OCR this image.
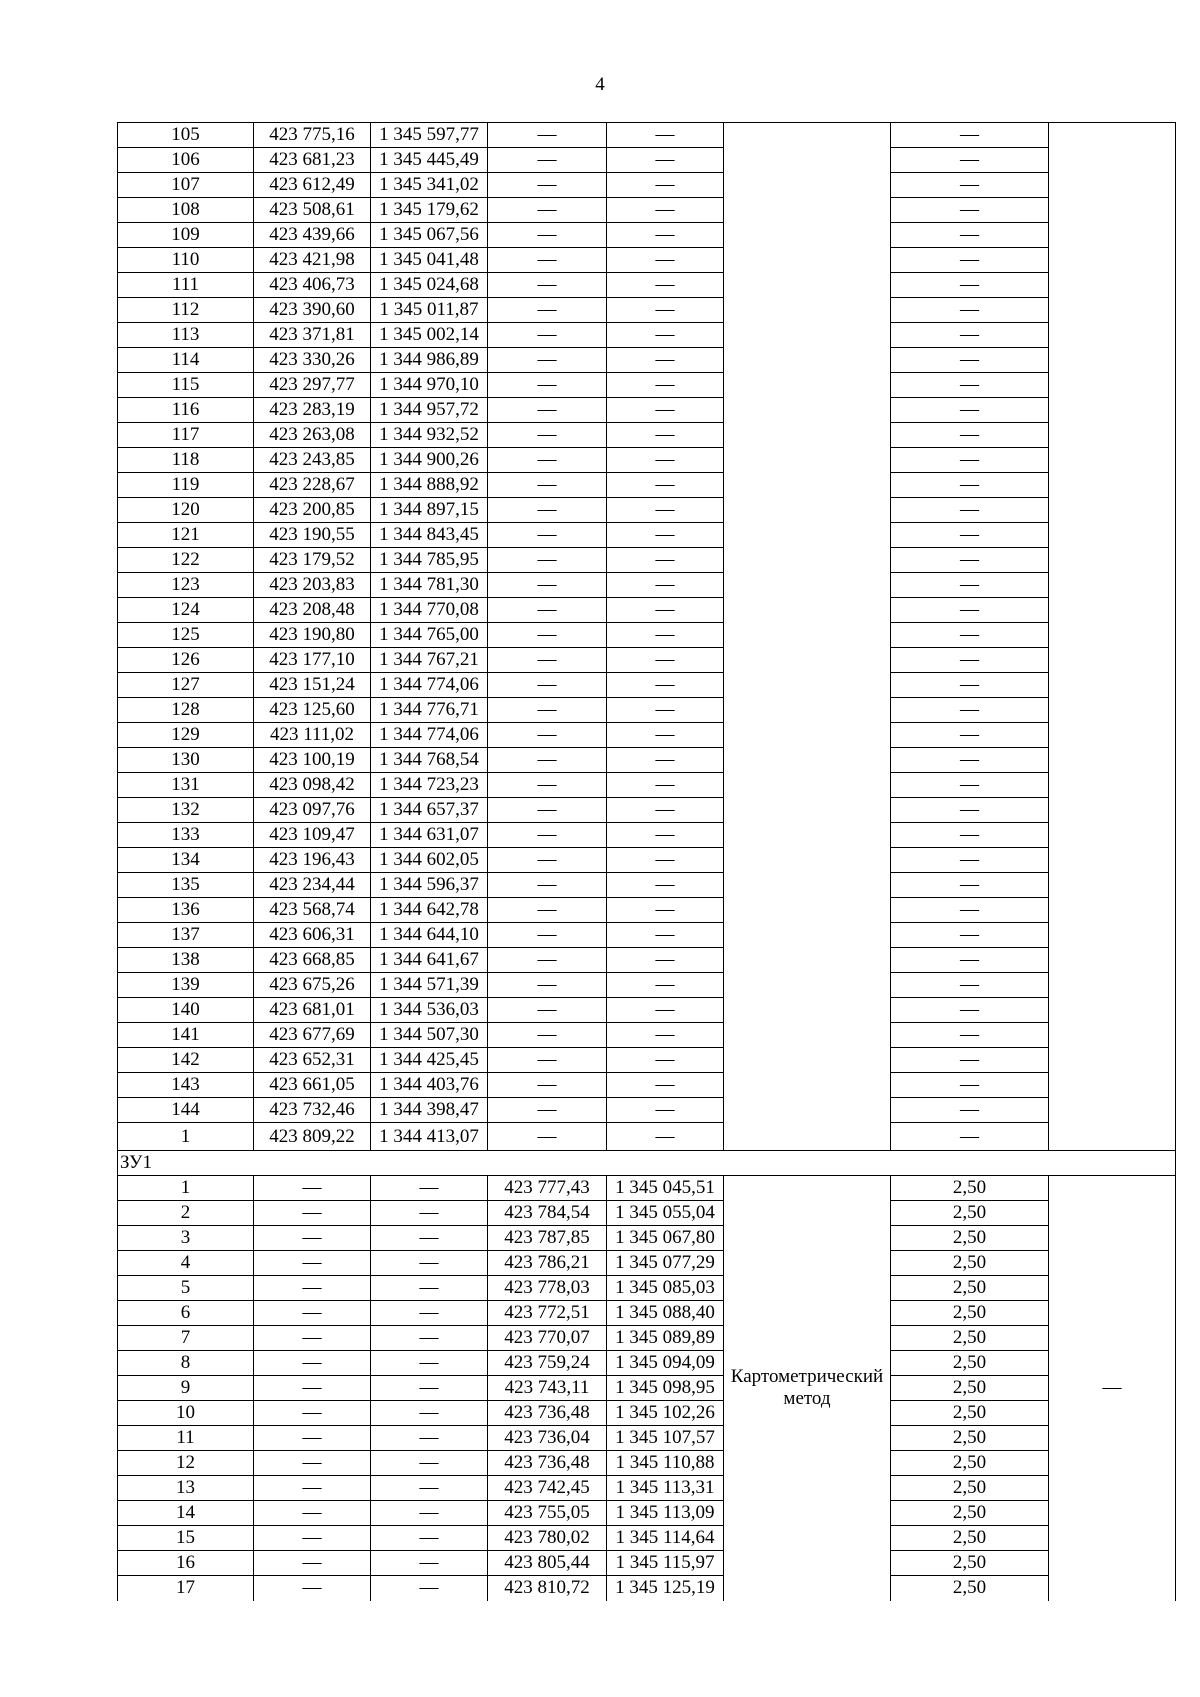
4
105	423 775,16	1 345 597,77	—	—		—	
106	423 681,23	1 345 445,49	—	—		—	
107	423 612,49	1 345 341,02	—	—		—	
108	423 508,61	1 345 179,62	—	—		—	
109	423 439,66	1 345 067,56	—	—		—	
110	423 421,98	1 345 041,48	—	—		—	
111	423 406,73	1 345 024,68	—	—		—	
112	423 390,60	1 345 011,87	—	—		—	
113	423 371,81	1 345 002,14	—	—		—	
114	423 330,26	1 344 986,89	—	—		—	
115	423 297,77	1 344 970,10	—	—		—	
116	423 283,19	1 344 957,72	—	—		—	
117	423 263,08	1 344 932,52	—	—		—	
118	423 243,85	1 344 900,26	—	—		—	
119	423 228,67	1 344 888,92	—	—		—	
120	423 200,85	1 344 897,15	—	—		—	
121	423 190,55	1 344 843,45	—	—		—	
122	423 179,52	1 344 785,95	—	—		—	
123	423 203,83	1 344 781,30	—	—		—	
124	423 208,48	1 344 770,08	—	—		—	
125	423 190,80	1 344 765,00	—	—		—	
126	423 177,10	1 344 767,21	—	—		—	
127	423 151,24	1 344 774,06	—	—		—	
128	423 125,60	1 344 776,71	—	—		—	
129	423 111,02	1 344 774,06	—	—		—	
130	423 100,19	1 344 768,54	—	—		—	
131	423 098,42	1 344 723,23	—	—		—	
132	423 097,76	1 344 657,37	—	—		—	
133	423 109,47	1 344 631,07	—	—		—	
134	423 196,43	1 344 602,05	—	—		—	
135	423 234,44	1 344 596,37	—	—		—	
136	423 568,74	1 344 642,78	—	—		—	
137	423 606,31	1 344 644,10	—	—		—	
138	423 668,85	1 344 641,67	—	—		—	
139	423 675,26	1 344 571,39	—	—		—	
140	423 681,01	1 344 536,03	—	—		—	
141	423 677,69	1 344 507,30	—	—		—	
142	423 652,31	1 344 425,45	—	—		—	
143	423 661,05	1 344 403,76	—	—		—	
144	423 732,46	1 344 398,47	—	—		—	
1	423 809,22	1 344 413,07	—	—		—	
ЗУ1							
1	—	—	423 777,43	1 345 045,51	Картометрический метод	2,50	—
2	—	—	423 784,54	1 345 055,04		2,50	
3	—	—	423 787,85	1 345 067,80		2,50	
4	—	—	423 786,21	1 345 077,29		2,50	
5	—	—	423 778,03	1 345 085,03		2,50	
6	—	—	423 772,51	1 345 088,40		2,50	
7	—	—	423 770,07	1 345 089,89		2,50	
8	—	—	423 759,24	1 345 094,09		2,50	
9	—	—	423 743,11	1 345 098,95		2,50	
10	—	—	423 736,48	1 345 102,26		2,50	
11	—	—	423 736,04	1 345 107,57		2,50	
12	—	—	423 736,48	1 345 110,88		2,50	
13	—	—	423 742,45	1 345 113,31		2,50	
14	—	—	423 755,05	1 345 113,09		2,50	
15	—	—	423 780,02	1 345 114,64		2,50	
16	—	—	423 805,44	1 345 115,97		2,50	
17	—	—	423 810,72	1 345 125,19		2,50	
